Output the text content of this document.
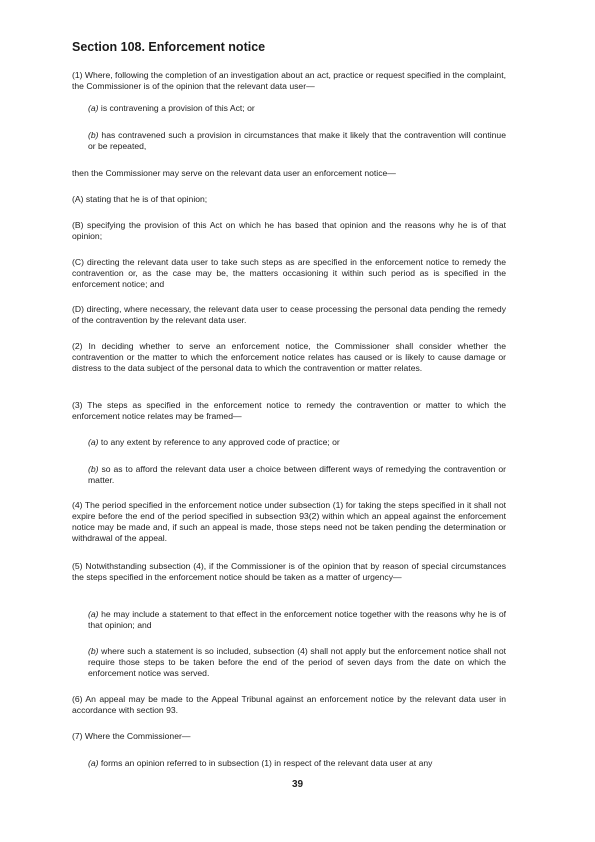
Section 108. Enforcement notice

(1) Where, following the completion of an investigation about an act, practice or request specified in the complaint, the Commissioner is of the opinion that the relevant data user—

(a) is contravening a provision of this Act; or

(b) has contravened such a provision in circumstances that make it likely that the contravention will continue or be repeated,

then the Commissioner may serve on the relevant data user an enforcement notice—

(A) stating that he is of that opinion;

(B) specifying the provision of this Act on which he has based that opinion and the reasons why he is of that opinion;

(C) directing the relevant data user to take such steps as are specified in the enforcement notice to remedy the contravention or, as the case may be, the matters occasioning it within such period as is specified in the enforcement notice; and

(D) directing, where necessary, the relevant data user to cease processing the personal data pending the remedy of the contravention by the relevant data user.

(2) In deciding whether to serve an enforcement notice, the Commissioner shall consider whether the contravention or the matter to which the enforcement notice relates has caused or is likely to cause damage or distress to the data subject of the personal data to which the contravention or matter relates.

(3) The steps as specified in the enforcement notice to remedy the contravention or matter to which the enforcement notice relates may be framed—

(a) to any extent by reference to any approved code of practice; or

(b) so as to afford the relevant data user a choice between different ways of remedying the contravention or matter.

(4) The period specified in the enforcement notice under subsection (1) for taking the steps specified in it shall not expire before the end of the period specified in subsection 93(2) within which an appeal against the enforcement notice may be made and, if such an appeal is made, those steps need not be taken pending the determination or withdrawal of the appeal.

(5) Notwithstanding subsection (4), if the Commissioner is of the opinion that by reason of special circumstances the steps specified in the enforcement notice should be taken as a matter of urgency—

(a) he may include a statement to that effect in the enforcement notice together with the reasons why he is of that opinion; and

(b) where such a statement is so included, subsection (4) shall not apply but the enforcement notice shall not require those steps to be taken before the end of the period of seven days from the date on which the enforcement notice was served.

(6) An appeal may be made to the Appeal Tribunal against an enforcement notice by the relevant data user in accordance with section 93.

(7) Where the Commissioner—

(a) forms an opinion referred to in subsection (1) in respect of the relevant data user at any

39
